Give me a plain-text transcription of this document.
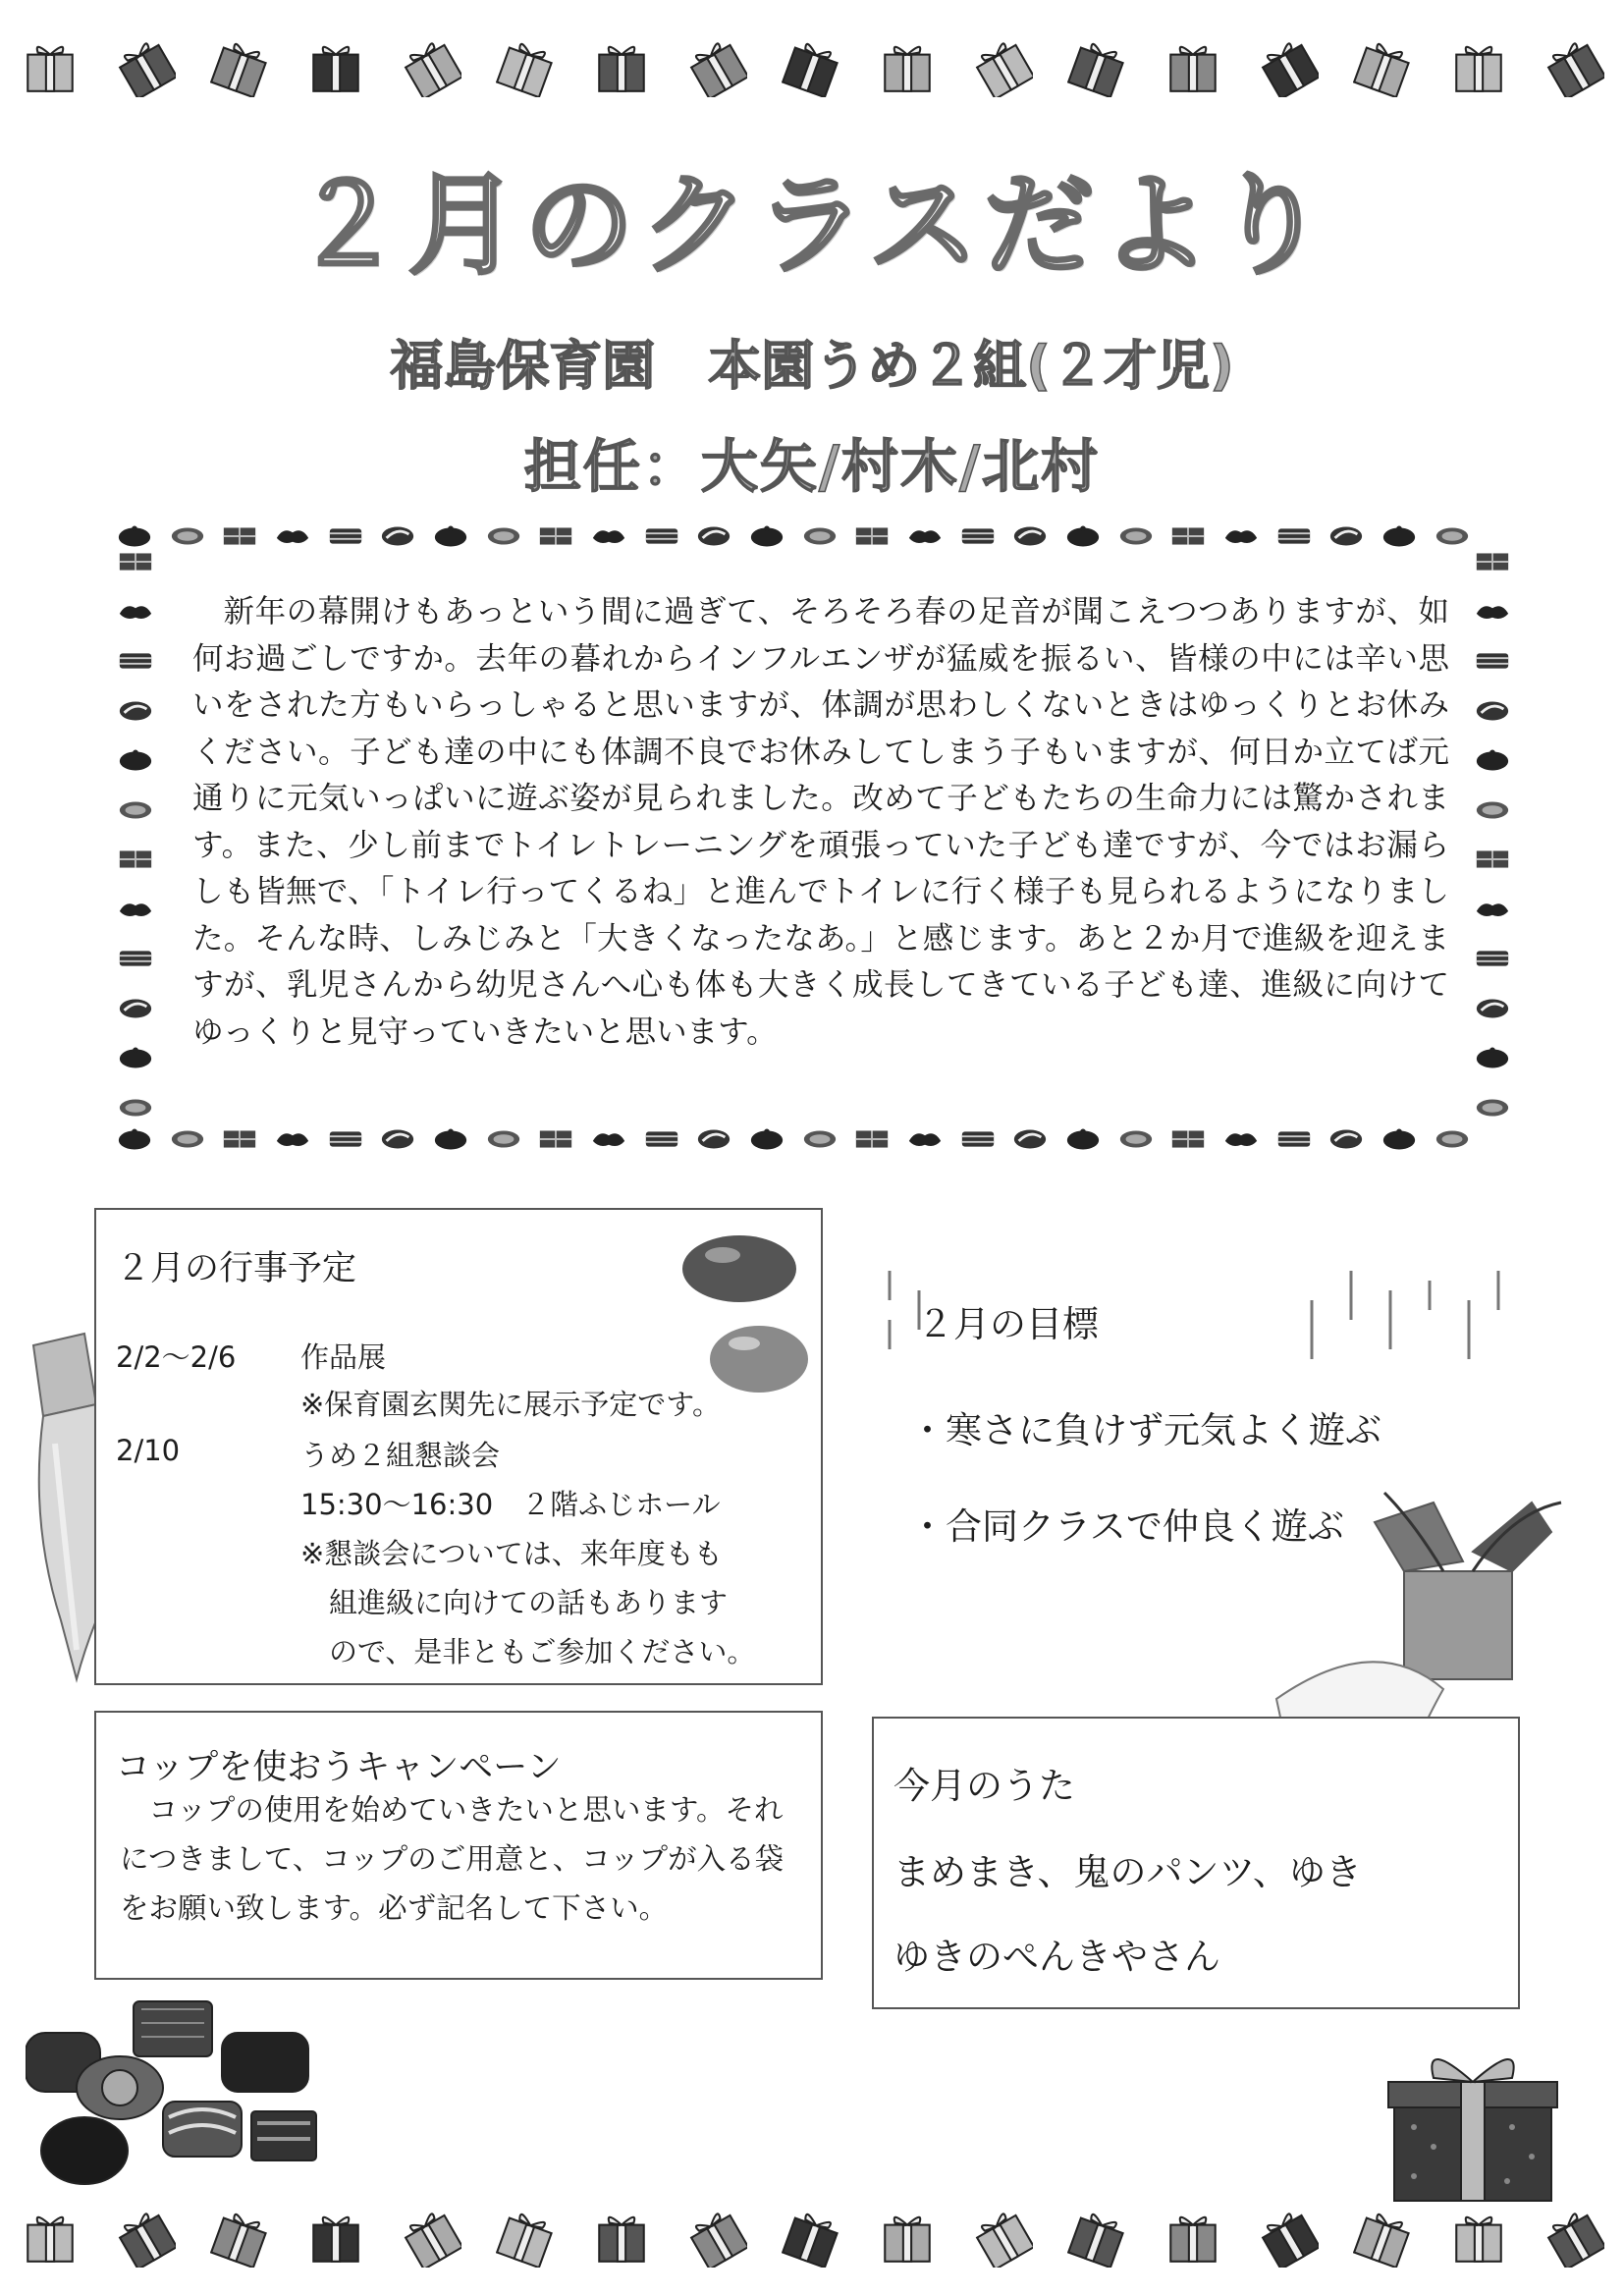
２月のクラスだより
福島保育園　本園うめ２組(２才児)
担任：大矢/村木/北村
新年の幕開けもあっという間に過ぎて、そろそろ春の足音が聞こえつつありますが、如何お過ごしですか。去年の暮れからインフルエンザが猛威を振るい、皆様の中には辛い思いをされた方もいらっしゃると思いますが、体調が思わしくないときはゆっくりとお休みください。子ども達の中にも体調不良でお休みしてしまう子もいますが、何日か立てば元通りに元気いっぱいに遊ぶ姿が見られました。改めて子どもたちの生命力には驚かされます。また、少し前までトイレトレーニングを頑張っていた子ども達ですが、今ではお漏らしも皆無で、「トイレ行ってくるね」と進んでトイレに行く様子も見られるようになりました。そんな時、しみじみと「大きくなったなあ。」と感じます。あと２か月で進級を迎えますが、乳児さんから幼児さんへ心も体も大きく成長してきている子ども達、進級に向けてゆっくりと見守っていきたいと思います。
２月の行事予定
2/2～2/6 作品展
※保育園玄関先に展示予定です。
2/10	うめ２組懇談会
15:30～16:30　２階ふじホール
※懇談会については、来年度もも
　組進級に向けての話もあります
　ので、是非ともご参加ください。
２月の目標
・寒さに負けず元気よく遊ぶ
・合同クラスで仲良く遊ぶ
コップを使おうキャンペーン
コップの使用を始めていきたいと思います。それにつきまして、コップのご用意と、コップが入る袋をお願い致します。必ず記名して下さい。
今月のうた
まめまき、鬼のパンツ、ゆき
ゆきのぺんきやさん
